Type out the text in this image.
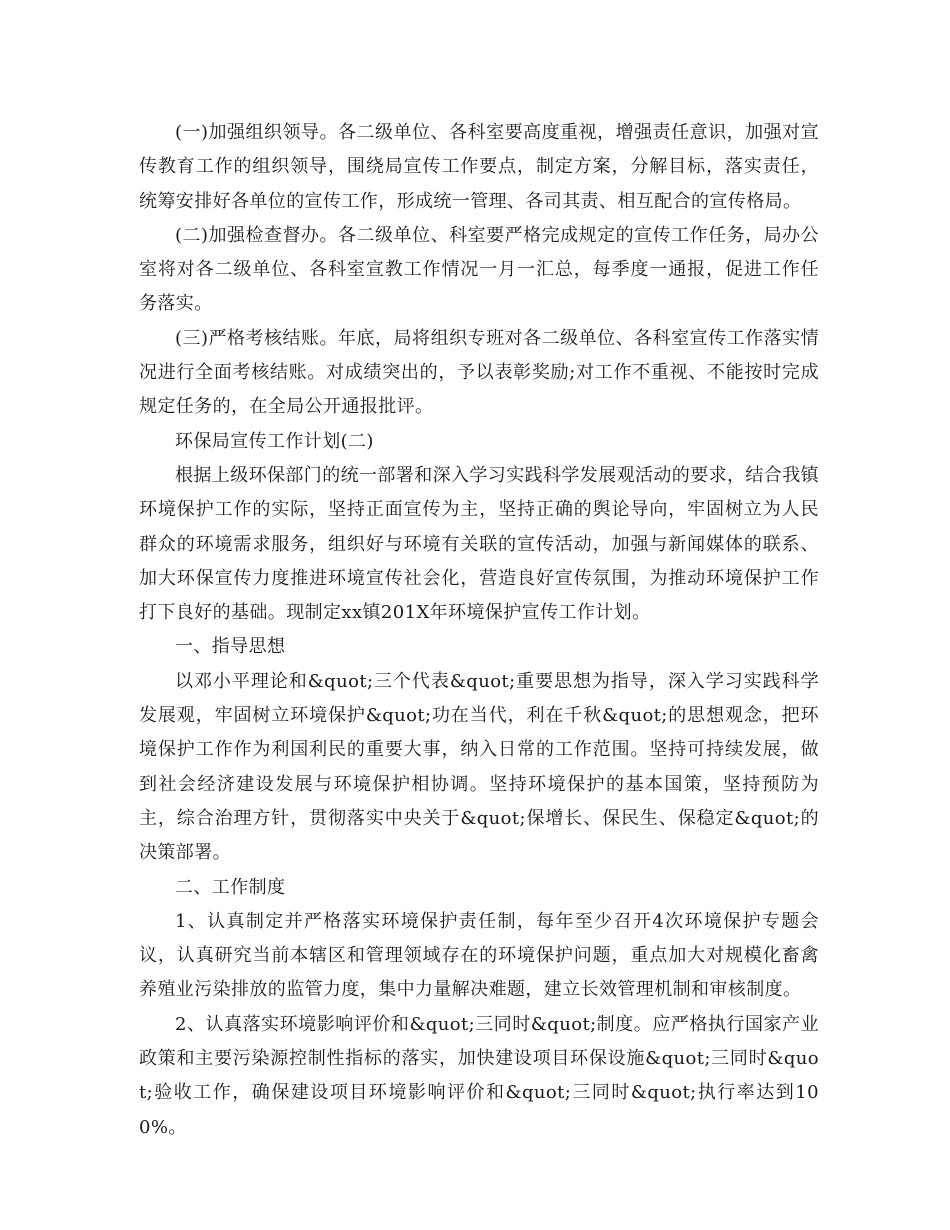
(一)加强组织领导。各二级单位、各科室要高度重视，增强责任意识，加强对宣传教育工作的组织领导，围绕局宣传工作要点，制定方案，分解目标，落实责任，统筹安排好各单位的宣传工作，形成统一管理、各司其责、相互配合的宣传格局。

(二)加强检查督办。各二级单位、科室要严格完成规定的宣传工作任务，局办公室将对各二级单位、各科室宣教工作情况一月一汇总，每季度一通报，促进工作任务落实。

(三)严格考核结账。年底，局将组织专班对各二级单位、各科室宣传工作落实情况进行全面考核结账。对成绩突出的，予以表彰奖励;对工作不重视、不能按时完成规定任务的，在全局公开通报批评。

环保局宣传工作计划(二)

根据上级环保部门的统一部署和深入学习实践科学发展观活动的要求，结合我镇环境保护工作的实际，坚持正面宣传为主，坚持正确的舆论导向，牢固树立为人民群众的环境需求服务，组织好与环境有关联的宣传活动，加强与新闻媒体的联系、加大环保宣传力度推进环境宣传社会化，营造良好宣传氛围，为推动环境保护工作打下良好的基础。现制定xx镇201X年环境保护宣传工作计划。

一、指导思想

以邓小平理论和&quot;三个代表&quot;重要思想为指导，深入学习实践科学发展观，牢固树立环境保护&quot;功在当代，利在千秋&quot;的思想观念，把环境保护工作作为利国利民的重要大事，纳入日常的工作范围。坚持可持续发展，做到社会经济建设发展与环境保护相协调。坚持环境保护的基本国策，坚持预防为主，综合治理方针，贯彻落实中央关于&quot;保增长、保民生、保稳定&quot;的决策部署。

二、工作制度

1、认真制定并严格落实环境保护责任制，每年至少召开4次环境保护专题会议，认真研究当前本辖区和管理领域存在的环境保护问题，重点加大对规模化畜禽养殖业污染排放的监管力度，集中力量解决难题，建立长效管理机制和审核制度。

2、认真落实环境影响评价和&quot;三同时&quot;制度。应严格执行国家产业政策和主要污染源控制性指标的落实，加快建设项目环保设施&quot;三同时&quot;验收工作，确保建设项目环境影响评价和&quot;三同时&quot;执行率达到100%。
